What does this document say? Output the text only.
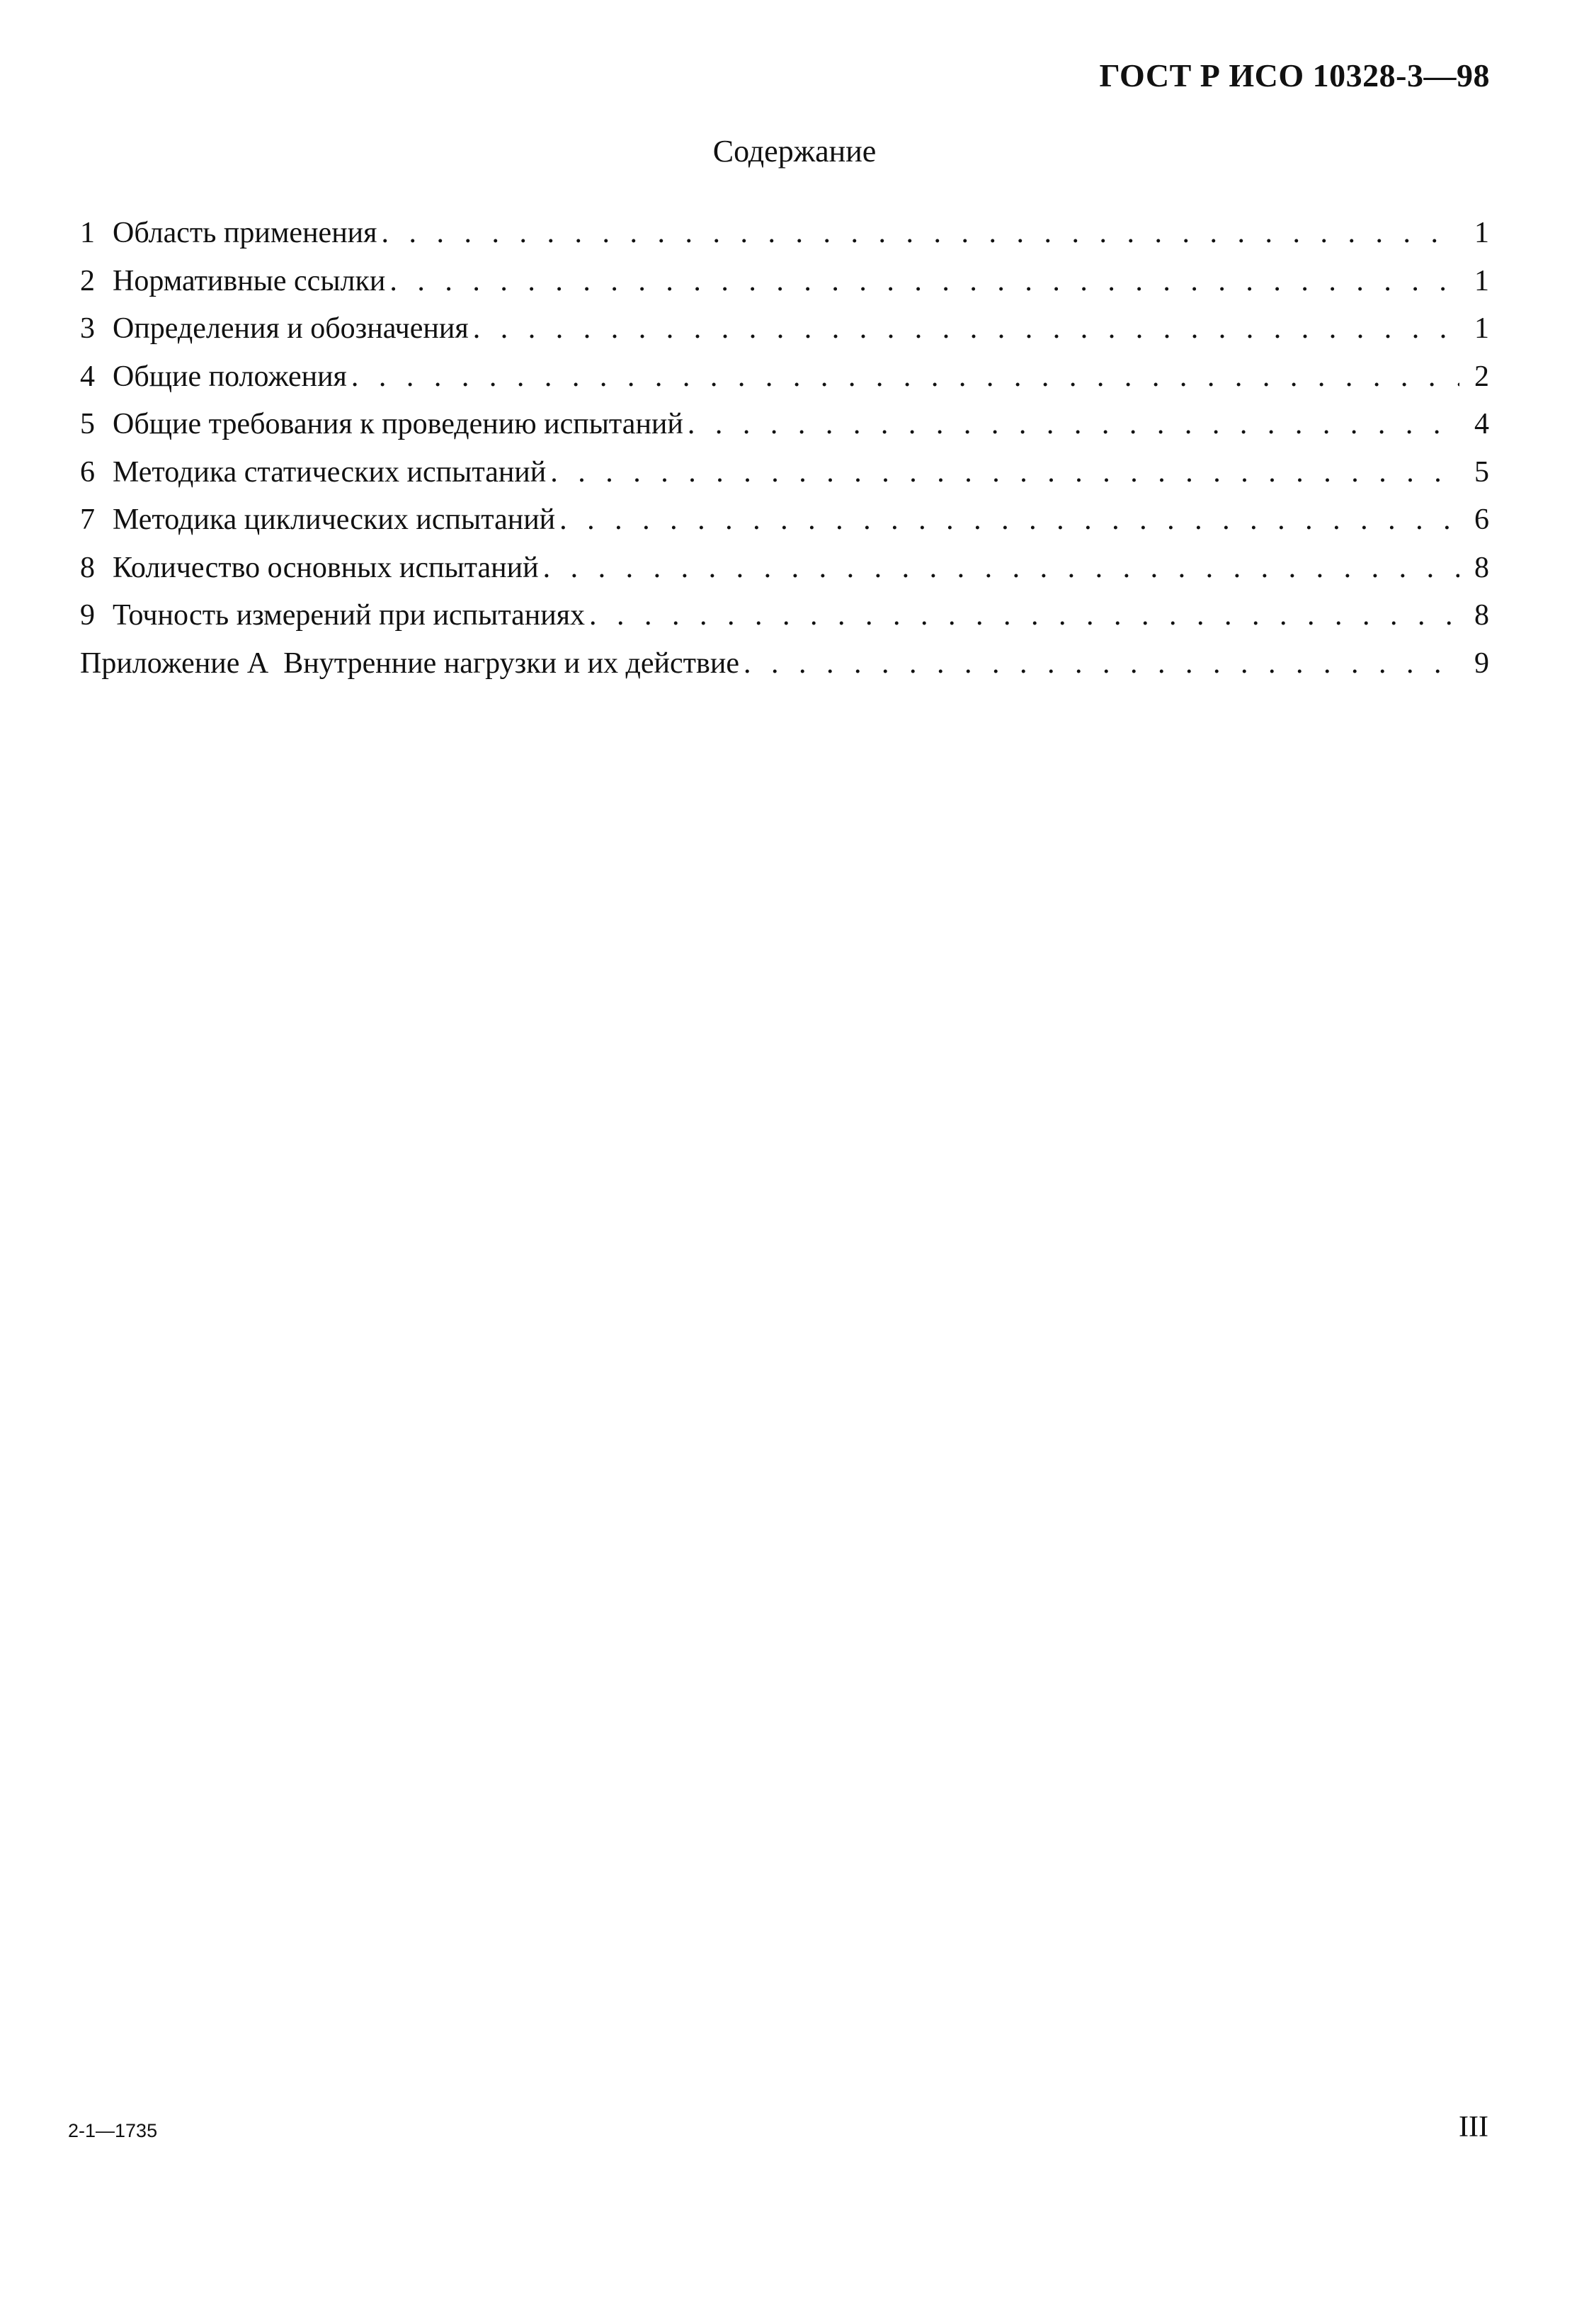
ГОСТ Р ИСО 10328-3—98
Содержание
1 Область применения . . .	1
2 Нормативные ссылки . . .	1
3 Определения и обозначения . . .	1
4 Общие положения . . .	2
5 Общие требования к проведению испытаний . . .	4
6 Методика статических испытаний . . .	5
7 Методика циклических испытаний . . .	6
8 Количество основных испытаний . . .	8
9 Точность измерений при испытаниях . . .	8
Приложение А  Внутренние нагрузки и их действие . . .	9
2-1—1735	III
